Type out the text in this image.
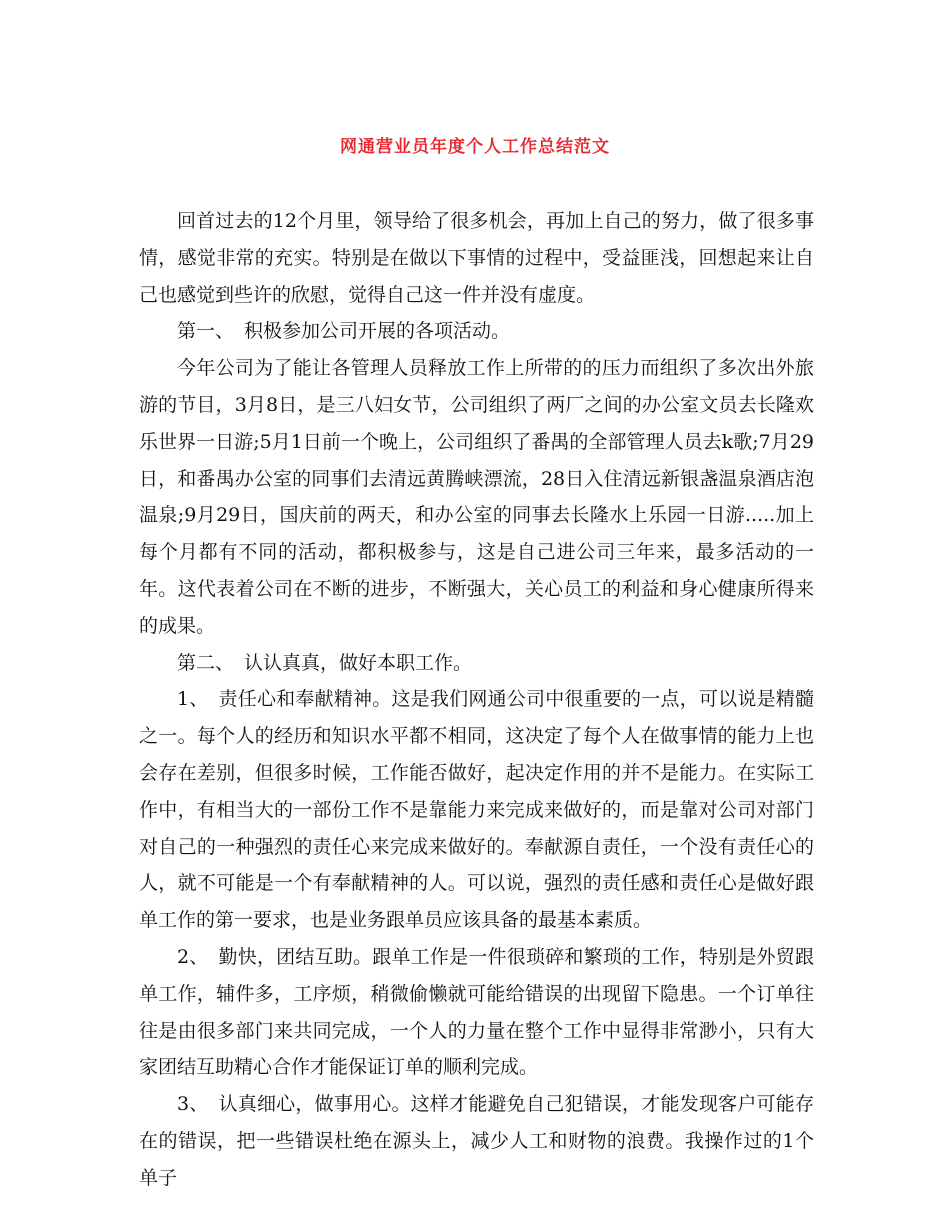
网通营业员年度个人工作总结范文

回首过去的12个月里，领导给了很多机会，再加上自己的努力，做了很多事情，感觉非常的充实。特别是在做以下事情的过程中，受益匪浅，回想起来让自己也感觉到些许的欣慰，觉得自己这一件并没有虚度。

第一、 积极参加公司开展的各项活动。

今年公司为了能让各管理人员释放工作上所带的的压力而组织了多次出外旅游的节目，3月8日，是三八妇女节，公司组织了两厂之间的办公室文员去长隆欢乐世界一日游;5月1日前一个晚上，公司组织了番禺的全部管理人员去k歌;7月29日，和番禺办公室的同事们去清远黄腾峡漂流，28日入住清远新银盏温泉酒店泡温泉;9月29日，国庆前的两天，和办公室的同事去长隆水上乐园一日游.....加上每个月都有不同的活动，都积极参与，这是自己进公司三年来，最多活动的一年。这代表着公司在不断的进步，不断强大，关心员工的利益和身心健康所得来的成果。

第二、 认认真真，做好本职工作。

1、 责任心和奉献精神。这是我们网通公司中很重要的一点，可以说是精髓之一。每个人的经历和知识水平都不相同，这决定了每个人在做事情的能力上也会存在差别，但很多时候，工作能否做好，起决定作用的并不是能力。在实际工作中，有相当大的一部份工作不是靠能力来完成来做好的，而是靠对公司对部门对自己的一种强烈的责任心来完成来做好的。奉献源自责任，一个没有责任心的人，就不可能是一个有奉献精神的人。可以说，强烈的责任感和责任心是做好跟单工作的第一要求，也是业务跟单员应该具备的最基本素质。

2、 勤快，团结互助。跟单工作是一件很琐碎和繁琐的工作，特别是外贸跟单工作，辅件多，工序烦，稍微偷懒就可能给错误的出现留下隐患。一个订单往往是由很多部门来共同完成，一个人的力量在整个工作中显得非常渺小，只有大家团结互助精心合作才能保证订单的顺利完成。

3、 认真细心，做事用心。这样才能避免自己犯错误，才能发现客户可能存在的错误，把一些错误杜绝在源头上，减少人工和财物的浪费。我操作过的1个单子
